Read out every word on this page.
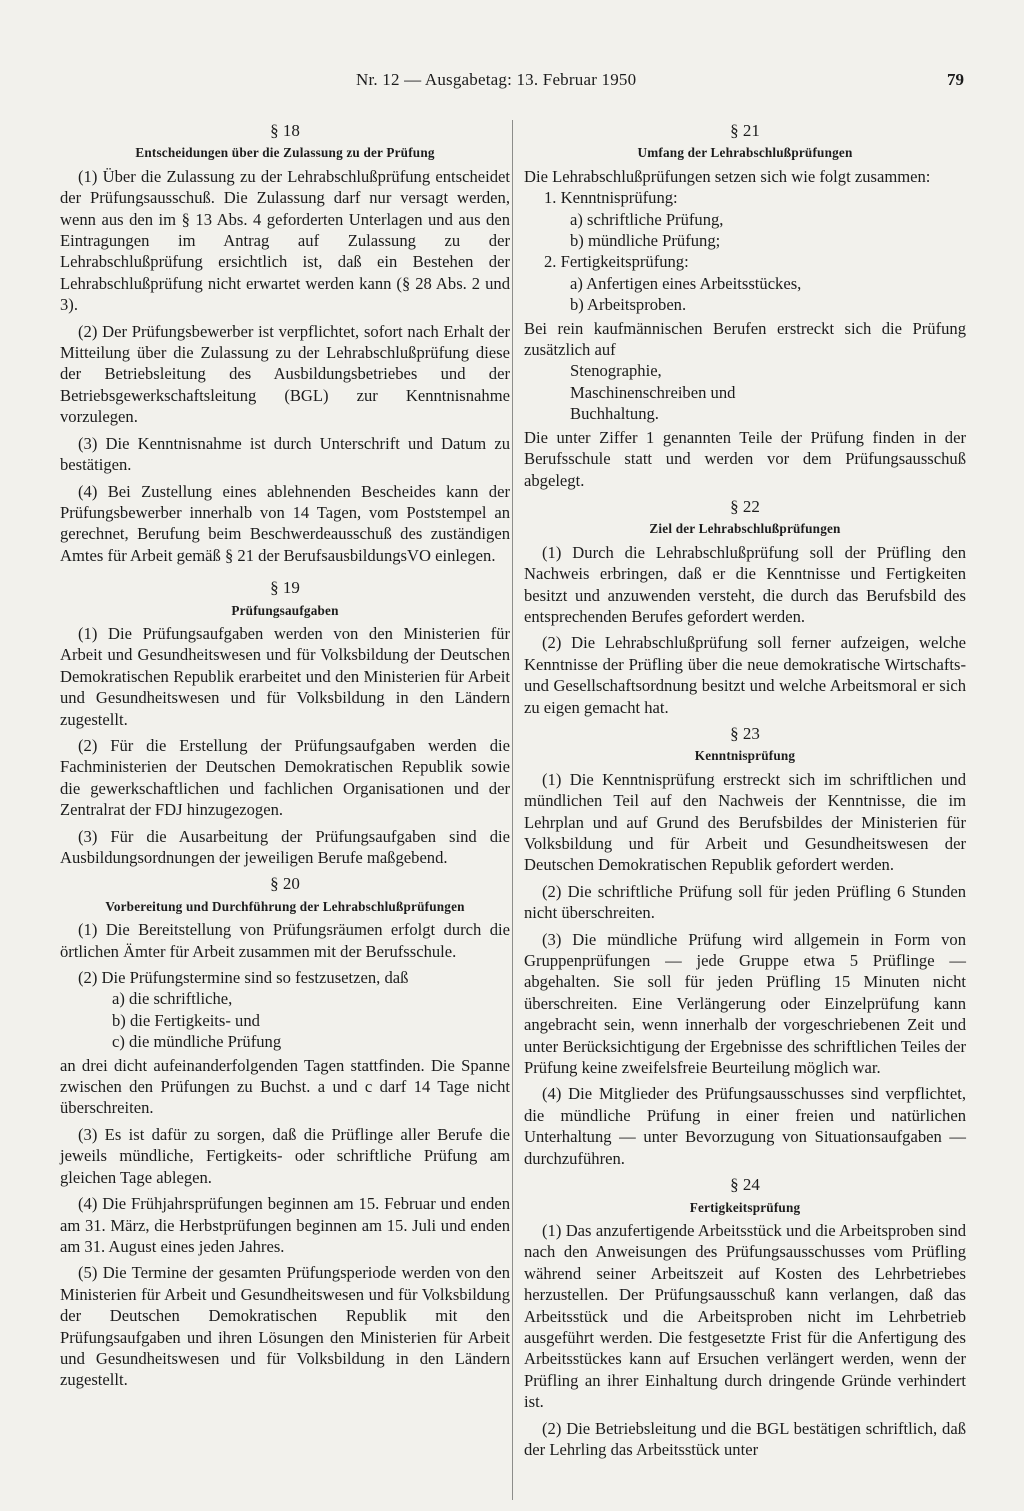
Nr. 12 — Ausgabetag: 13. Februar 1950	79
§ 18
Entscheidungen über die Zulassung zu der Prüfung

(1) Über die Zulassung zu der Lehrabschlußprüfung entscheidet der Prüfungsausschuß. Die Zulassung darf nur versagt werden, wenn aus den im § 13 Abs. 4 geforderten Unterlagen und aus den Eintragungen im Antrag auf Zulassung zu der Lehrabschlußprüfung ersichtlich ist, daß ein Bestehen der Lehrabschlußprüfung nicht erwartet werden kann (§ 28 Abs. 2 und 3).

(2) Der Prüfungsbewerber ist verpflichtet, sofort nach Erhalt der Mitteilung über die Zulassung zu der Lehrabschlußprüfung diese der Betriebsleitung des Ausbildungsbetriebes und der Betriebsgewerkschaftsleitung (BGL) zur Kenntnisnahme vorzulegen.

(3) Die Kenntnisnahme ist durch Unterschrift und Datum zu bestätigen.

(4) Bei Zustellung eines ablehnenden Bescheides kann der Prüfungsbewerber innerhalb von 14 Tagen, vom Poststempel an gerechnet, Berufung beim Beschwerdeausschuß des zuständigen Amtes für Arbeit gemäß § 21 der BerufsausbildungsVO einlegen.

§ 19
Prüfungsaufgaben

(1) Die Prüfungsaufgaben werden von den Ministerien für Arbeit und Gesundheitswesen und für Volksbildung der Deutschen Demokratischen Republik erarbeitet und den Ministerien für Arbeit und Gesundheitswesen und für Volksbildung in den Ländern zugestellt.

(2) Für die Erstellung der Prüfungsaufgaben werden die Fachministerien der Deutschen Demokratischen Republik sowie die gewerkschaftlichen und fachlichen Organisationen und der Zentralrat der FDJ hinzugezogen.

(3) Für die Ausarbeitung der Prüfungsaufgaben sind die Ausbildungsordnungen der jeweiligen Berufe maßgebend.

§ 20
Vorbereitung und Durchführung der Lehrabschlußprüfungen

(1) Die Bereitstellung von Prüfungsräumen erfolgt durch die örtlichen Ämter für Arbeit zusammen mit der Berufsschule.

(2) Die Prüfungstermine sind so festzusetzen, daß

a) die schriftliche,
b) die Fertigkeits- und
c) die mündliche Prüfung

an drei dicht aufeinanderfolgenden Tagen stattfinden. Die Spanne zwischen den Prüfungen zu Buchst. a und c darf 14 Tage nicht überschreiten.

(3) Es ist dafür zu sorgen, daß die Prüflinge aller Berufe die jeweils mündliche, Fertigkeits- oder schriftliche Prüfung am gleichen Tage ablegen.

(4) Die Frühjahrsprüfungen beginnen am 15. Februar und enden am 31. März, die Herbstprüfungen beginnen am 15. Juli und enden am 31. August eines jeden Jahres.

(5) Die Termine der gesamten Prüfungsperiode werden von den Ministerien für Arbeit und Gesundheitswesen und für Volksbildung der Deutschen Demokratischen Republik mit den Prüfungsaufgaben und ihren Lösungen den Ministerien für Arbeit und Gesundheitswesen und für Volksbildung in den Ländern zugestellt.

§ 21
Umfang der Lehrabschlußprüfungen

Die Lehrabschlußprüfungen setzen sich wie folgt zusammen:

1. Kenntnisprüfung:
a) schriftliche Prüfung,
b) mündliche Prüfung;
2. Fertigkeitsprüfung:
a) Anfertigen eines Arbeitsstückes,
b) Arbeitsproben.

Bei rein kaufmännischen Berufen erstreckt sich die Prüfung zusätzlich auf

Stenographie,
Maschinenschreiben und
Buchhaltung.

Die unter Ziffer 1 genannten Teile der Prüfung finden in der Berufsschule statt und werden vor dem Prüfungsausschuß abgelegt.

§ 22
Ziel der Lehrabschlußprüfungen

(1) Durch die Lehrabschlußprüfung soll der Prüfling den Nachweis erbringen, daß er die Kenntnisse und Fertigkeiten besitzt und anzuwenden versteht, die durch das Berufsbild des entsprechenden Berufes gefordert werden.

(2) Die Lehrabschlußprüfung soll ferner aufzeigen, welche Kenntnisse der Prüfling über die neue demokratische Wirtschafts- und Gesellschaftsordnung besitzt und welche Arbeitsmoral er sich zu eigen gemacht hat.

§ 23
Kenntnisprüfung

(1) Die Kenntnisprüfung erstreckt sich im schriftlichen und mündlichen Teil auf den Nachweis der Kenntnisse, die im Lehrplan und auf Grund des Berufsbildes der Ministerien für Volksbildung und für Arbeit und Gesundheitswesen der Deutschen Demokratischen Republik gefordert werden.

(2) Die schriftliche Prüfung soll für jeden Prüfling 6 Stunden nicht überschreiten.

(3) Die mündliche Prüfung wird allgemein in Form von Gruppenprüfungen — jede Gruppe etwa 5 Prüflinge — abgehalten. Sie soll für jeden Prüfling 15 Minuten nicht überschreiten. Eine Verlängerung oder Einzelprüfung kann angebracht sein, wenn innerhalb der vorgeschriebenen Zeit und unter Berücksichtigung der Ergebnisse des schriftlichen Teiles der Prüfung keine zweifelsfreie Beurteilung möglich war.

(4) Die Mitglieder des Prüfungsausschusses sind verpflichtet, die mündliche Prüfung in einer freien und natürlichen Unterhaltung — unter Bevorzugung von Situationsaufgaben — durchzuführen.

§ 24
Fertigkeitsprüfung

(1) Das anzufertigende Arbeitsstück und die Arbeitsproben sind nach den Anweisungen des Prüfungsausschusses vom Prüfling während seiner Arbeitszeit auf Kosten des Lehrbetriebes herzustellen. Der Prüfungsausschuß kann verlangen, daß das Arbeitsstück und die Arbeitsproben nicht im Lehrbetrieb ausgeführt werden. Die festgesetzte Frist für die Anfertigung des Arbeitsstückes kann auf Ersuchen verlängert werden, wenn der Prüfling an ihrer Einhaltung durch dringende Gründe verhindert ist.

(2) Die Betriebsleitung und die BGL bestätigen schriftlich, daß der Lehrling das Arbeitsstück unter
